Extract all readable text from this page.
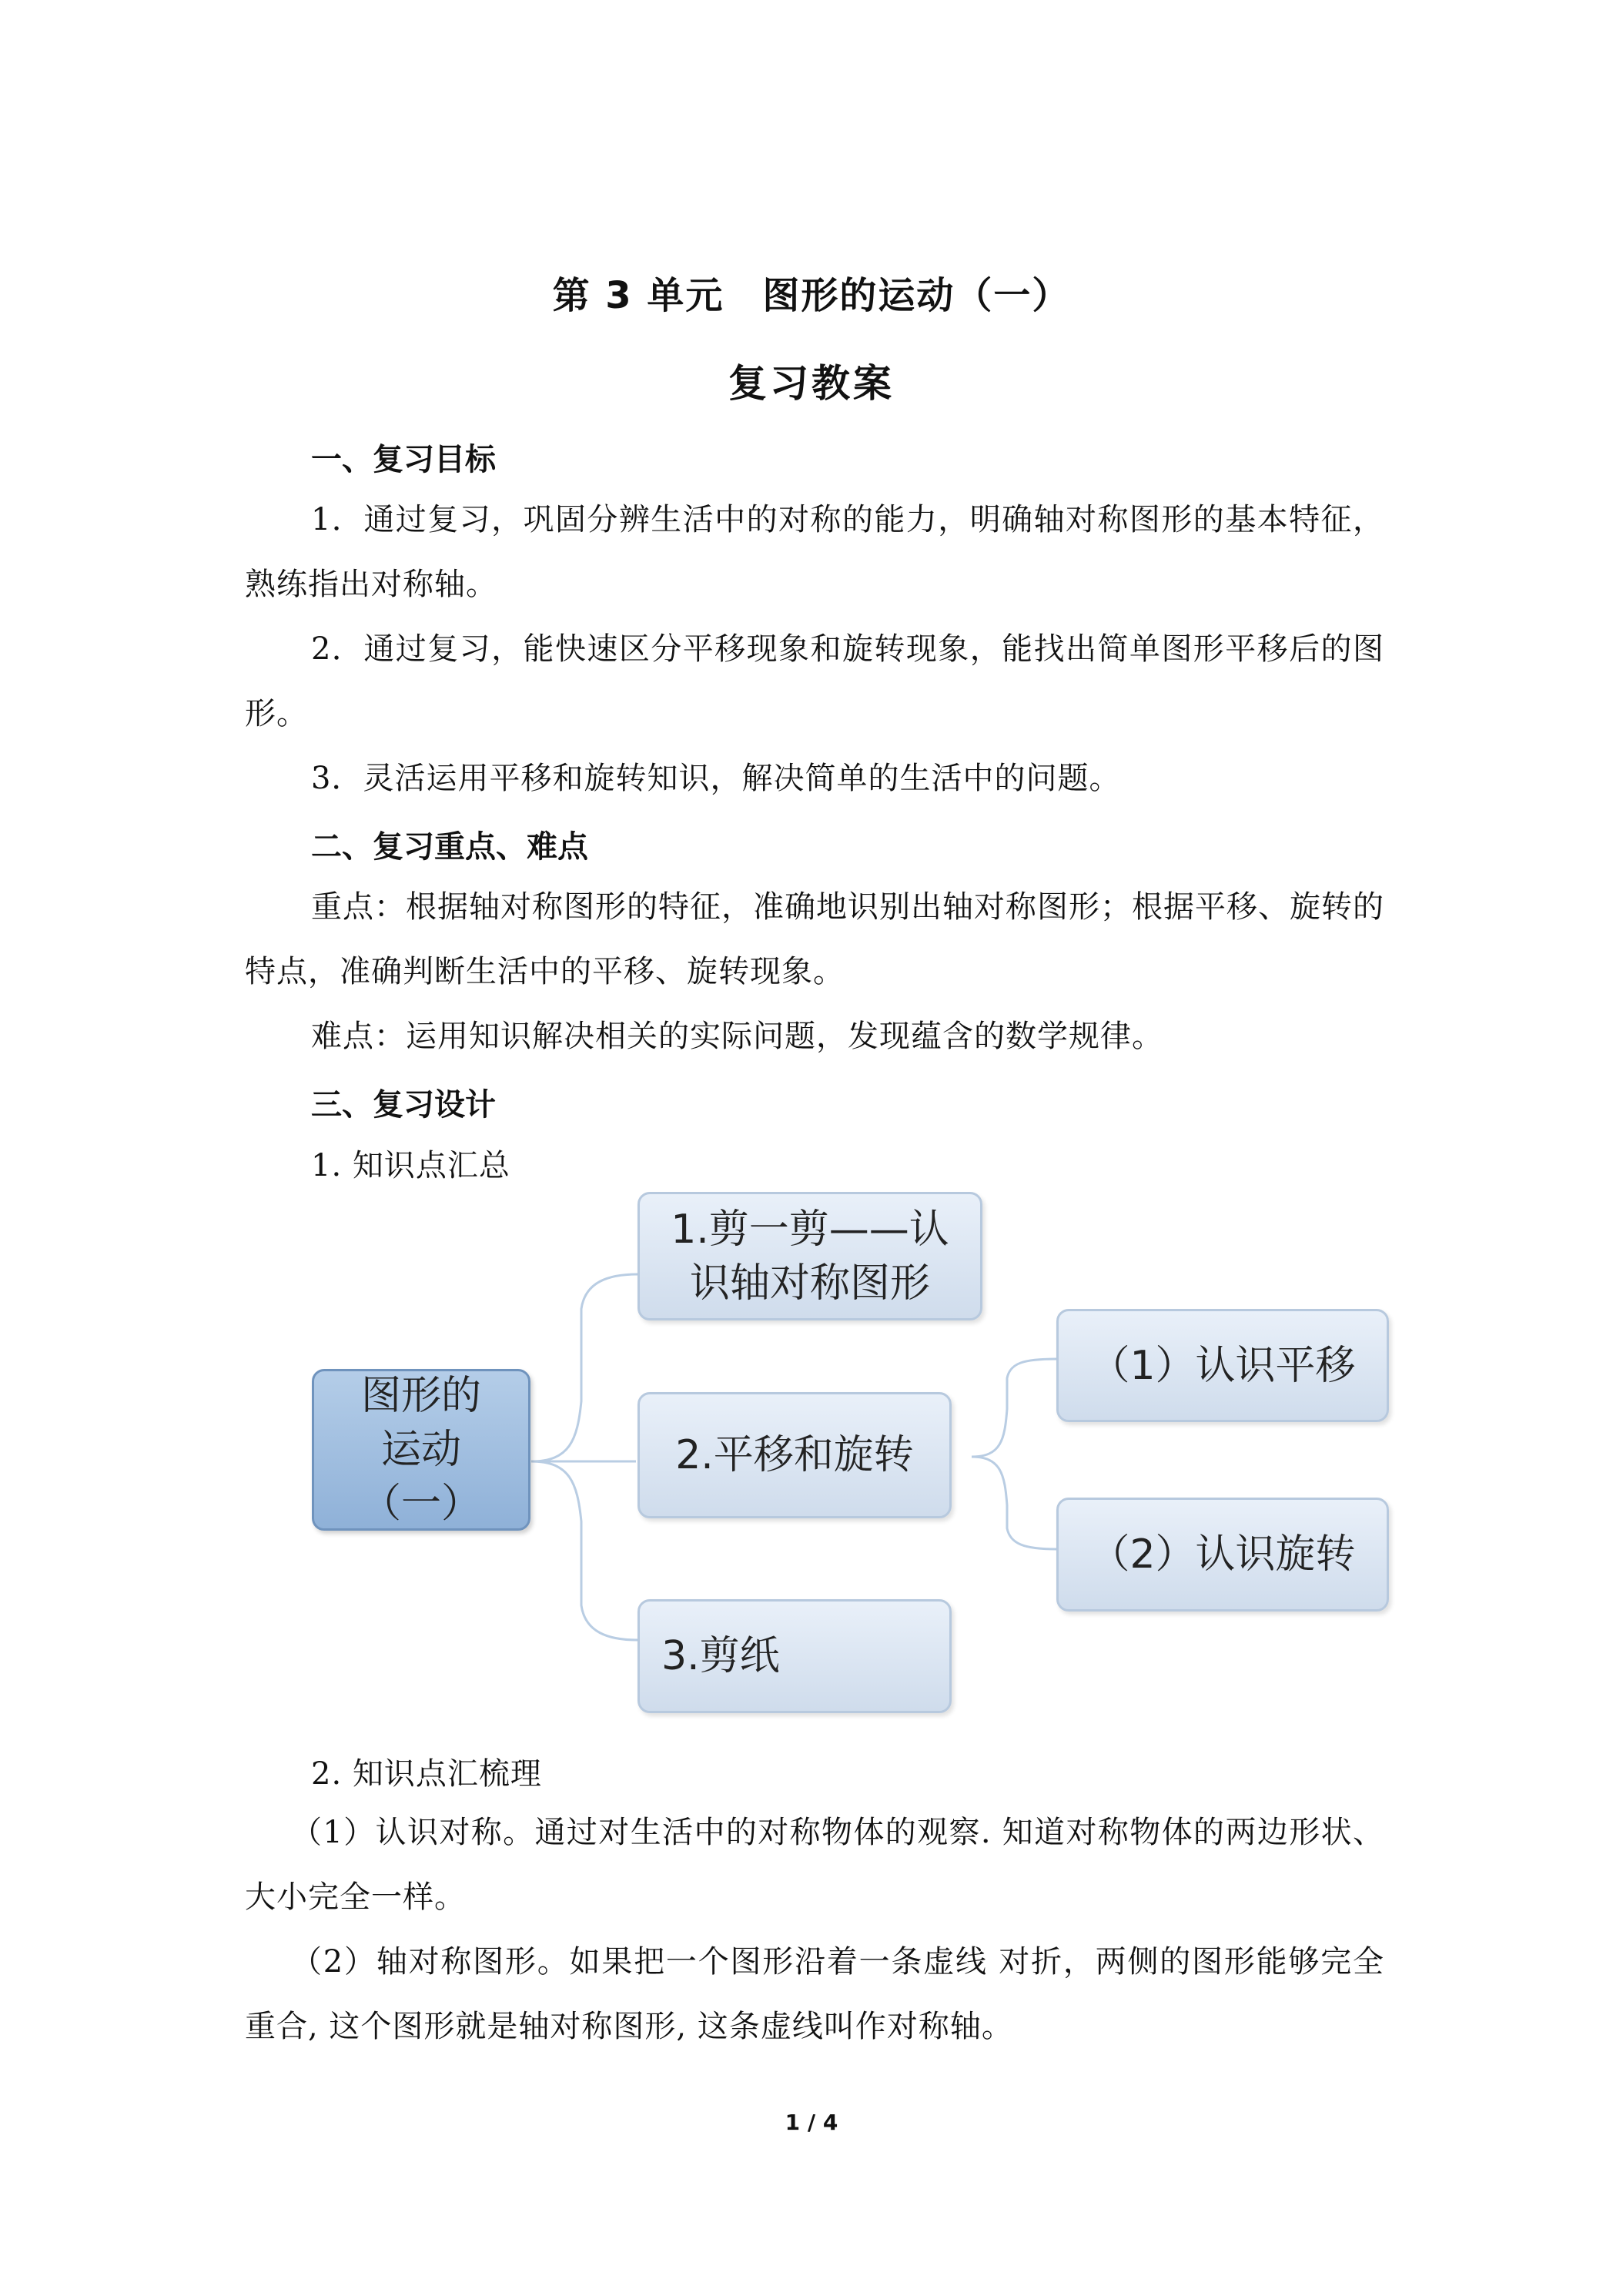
第 3 单元　图形的运动（一）
复习教案
一、复习目标
1．通过复习，巩固分辨生活中的对称的能力，明确轴对称图形的基本特征，熟练指出对称轴。
2．通过复习，能快速区分平移现象和旋转现象，能找出简单图形平移后的图形。
3．灵活运用平移和旋转知识，解决简单的生活中的问题。
二、复习重点、难点
重点：根据轴对称图形的特征，准确地识别出轴对称图形；根据平移、旋转的特点，准确判断生活中的平移、旋转现象。
难点：运用知识解决相关的实际问题，发现蕴含的数学规律。
三、复习设计
1. 知识点汇总
图形的
运动
（一）
1.剪一剪——认
识轴对称图形
2.平移和旋转
3.剪纸
（1）认识平移
（2）认识旋转
2. 知识点汇梳理
（1）认识对称。通过对生活中的对称物体的观察. 知道对称物体的两边形状、大小完全一样。
（2）轴对称图形。如果把一个图形沿着一条虚线 对折，两侧的图形能够完全重合, 这个图形就是轴对称图形, 这条虚线叫作对称轴。
1 / 4
